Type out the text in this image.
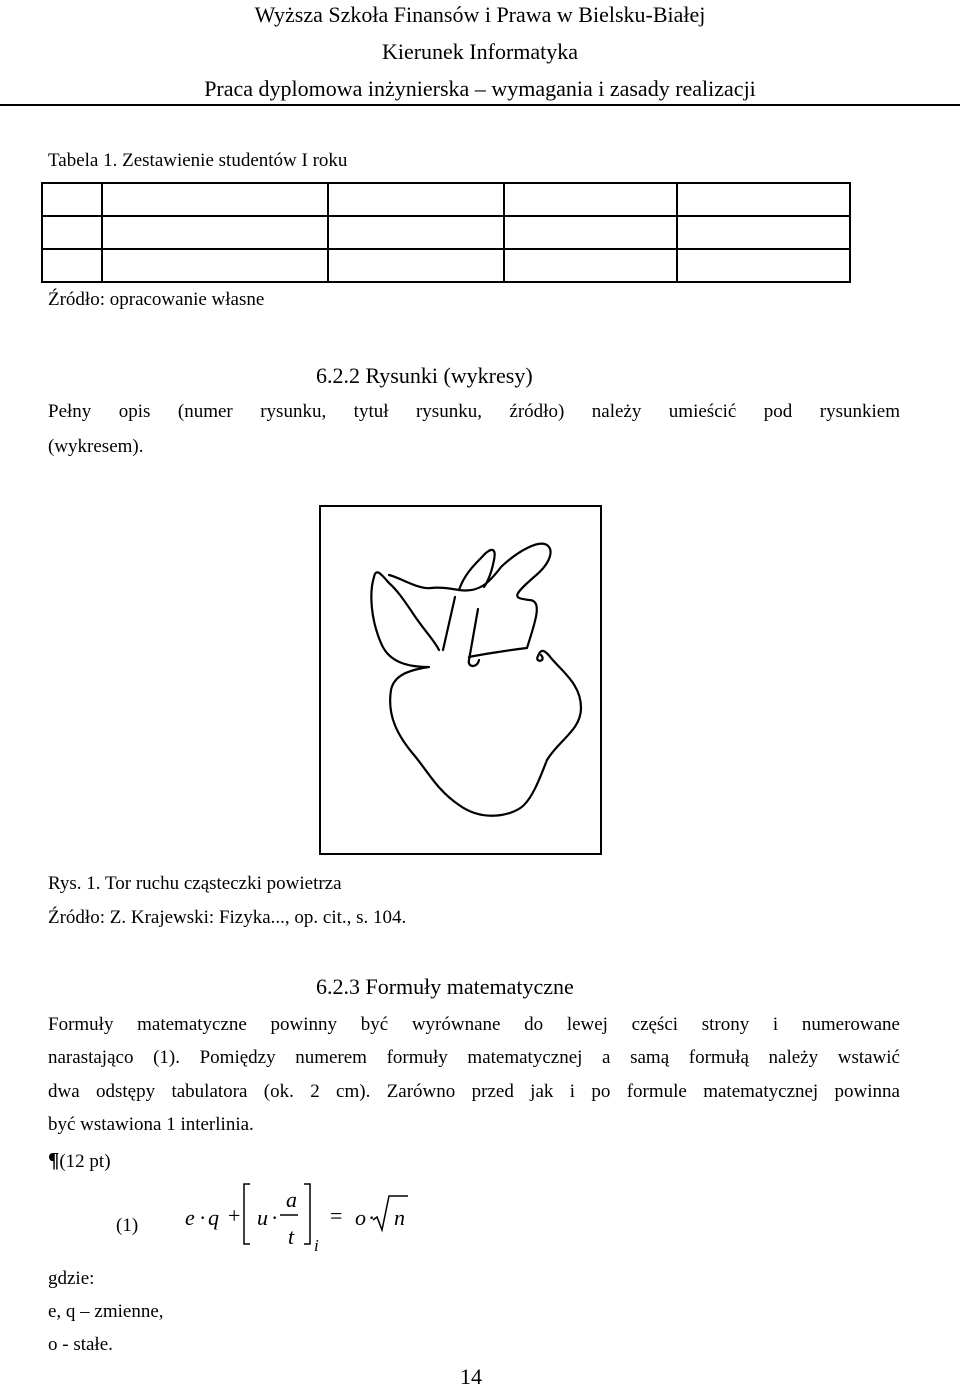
Wyższa Szkoła Finansów i Prawa w Bielsku-Białej
Kierunek Informatyka
Praca dyplomowa inżynierska – wymagania i zasady realizacji
Tabela 1. Zestawienie studentów I roku

Źródło: opracowanie własne
6.2.2 Rysunki (wykresy)
Pełny opis (numer rysunku, tytuł rysunku, źródło) należy umieścić pod rysunkiem
(wykresem).
Rys. 1. Tor ruchu cząsteczki powietrza
Źródło: Z. Krajewski: Fizyka..., op. cit., s. 104.
6.2.3 Formuły matematyczne
Formuły matematyczne powinny być wyrównane do lewej części strony i numerowane
narastająco (1). Pomiędzy numerem formuły matematycznej a samą formułą należy wstawić
dwa odstępy tabulatora (ok. 2 cm). Zarówno przed jak i po formule matematycznej powinna
być wstawiona 1 interlinia.
¶(12 pt)
(1) e · q + u ·
a
t i
= o · n
gdzie:
e, q – zmienne,
o - stałe.
14
